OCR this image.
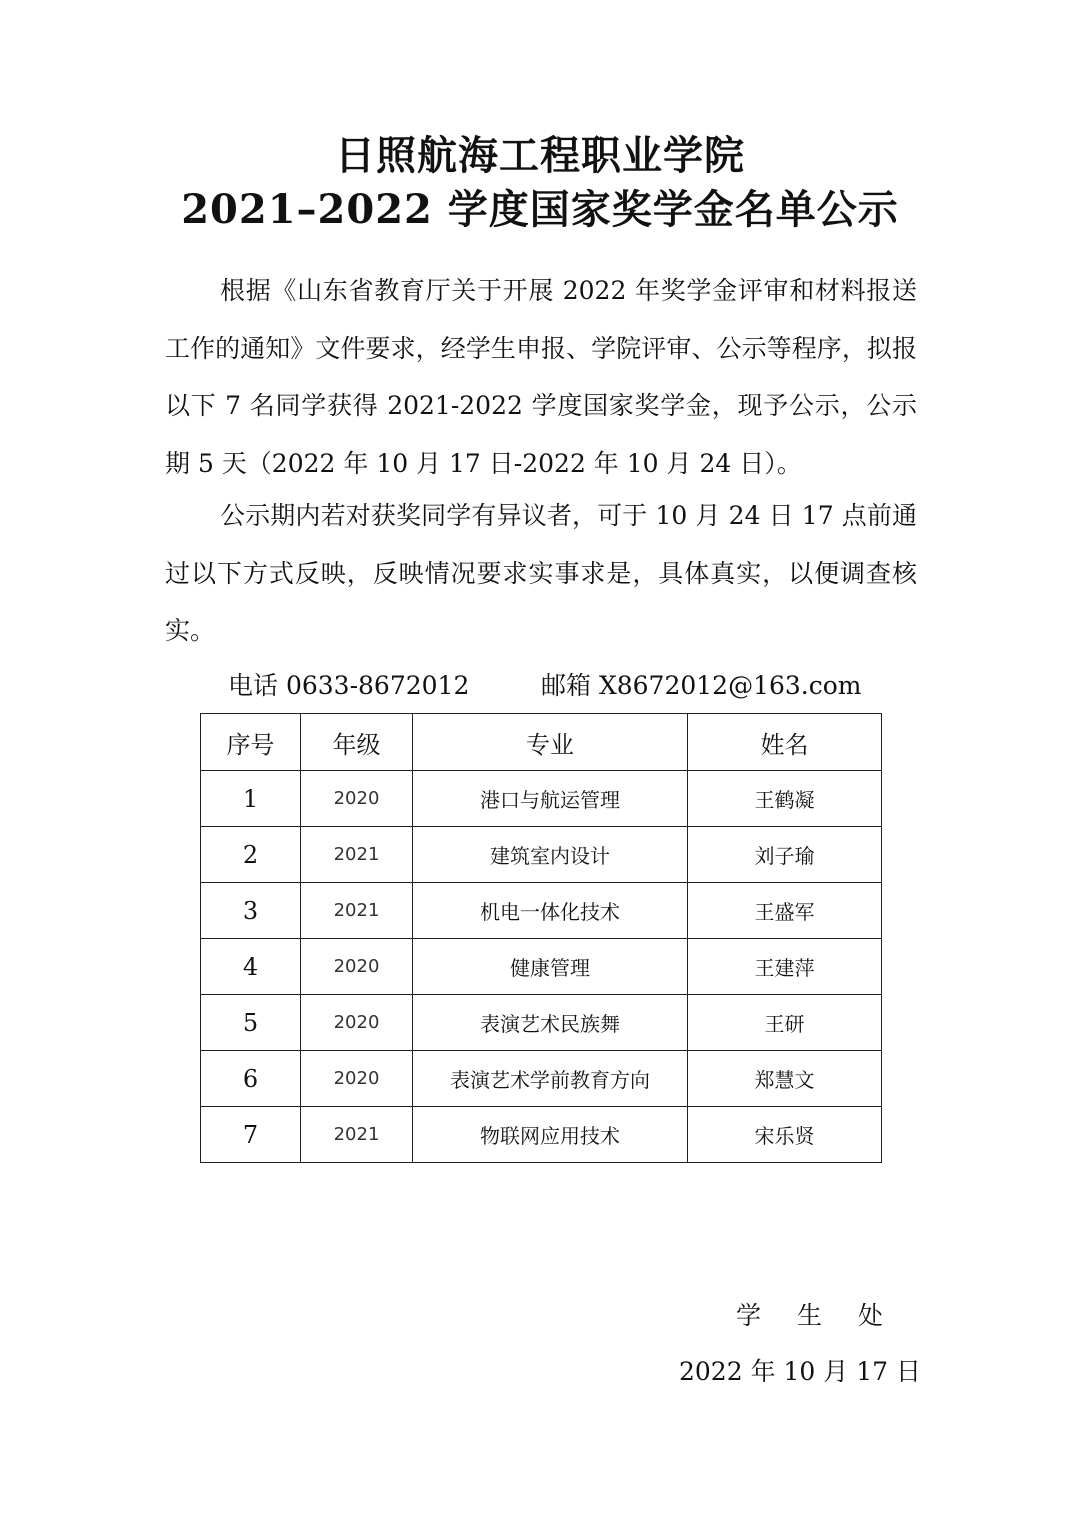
日照航海工程职业学院
2021–2022 学度国家奖学金名单公示
根据《山东省教育厅关于开展 2022 年奖学金评审和材料报送工作的通知》文件要求，经学生申报、学院评审、公示等程序，拟报以下 7 名同学获得 2021-2022 学度国家奖学金，现予公示，公示期 5 天（2022 年 10 月 17 日-2022 年 10 月 24 日）。
公示期内若对获奖同学有异议者，可于 10 月 24 日 17 点前通过以下方式反映，反映情况要求实事求是，具体真实，以便调查核实。
电话 0633-8672012	邮箱 X8672012@163.com
序号	年级	专业	姓名
1	2020	港口与航运管理	王鹤凝
2	2021	建筑室内设计	刘子瑜
3	2021	机电一体化技术	王盛军
4	2020	健康管理	王建萍
5	2020	表演艺术民族舞	王研
6	2020	表演艺术学前教育方向	郑慧文
7	2021	物联网应用技术	宋乐贤
学 生 处
2022 年 10 月 17 日
